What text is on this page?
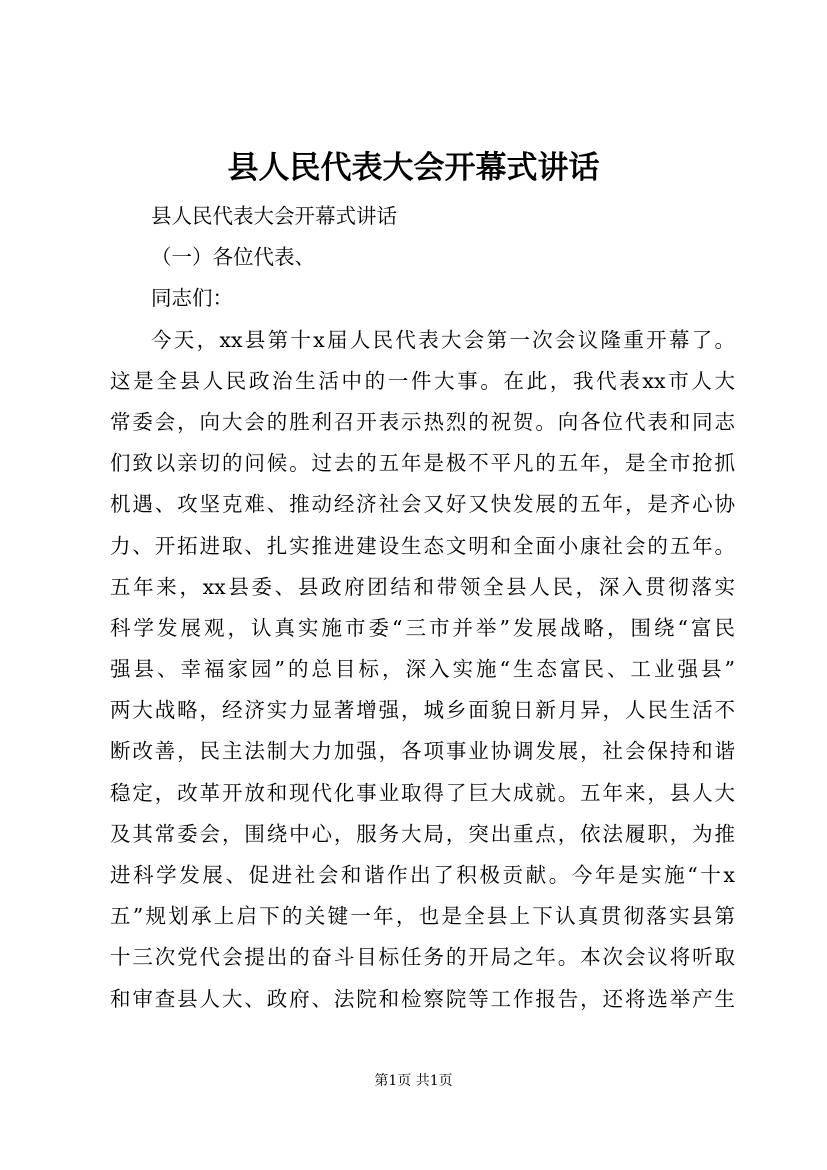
县人民代表大会开幕式讲话

县人民代表大会开幕式讲话

（一）各位代表、

同志们：

今天，xx县第十x届人民代表大会第一次会议隆重开幕了。

这是全县人民政治生活中的一件大事。在此，我代表xx市人大

常委会，向大会的胜利召开表示热烈的祝贺。向各位代表和同志

们致以亲切的问候。过去的五年是极不平凡的五年，是全市抢抓

机遇、攻坚克难、推动经济社会又好又快发展的五年，是齐心协

力、开拓进取、扎实推进建设生态文明和全面小康社会的五年。

五年来，xx县委、县政府团结和带领全县人民，深入贯彻落实

科学发展观，认真实施市委“三市并举”发展战略，围绕“富民

强县、幸福家园”的总目标，深入实施“生态富民、工业强县”

两大战略，经济实力显著增强，城乡面貌日新月异，人民生活不

断改善，民主法制大力加强，各项事业协调发展，社会保持和谐

稳定，改革开放和现代化事业取得了巨大成就。五年来，县人大

及其常委会，围绕中心，服务大局，突出重点，依法履职，为推

进科学发展、促进社会和谐作出了积极贡献。今年是实施“十x

五”规划承上启下的关键一年，也是全县上下认真贯彻落实县第

十三次党代会提出的奋斗目标任务的开局之年。本次会议将听取

和审查县人大、政府、法院和检察院等工作报告，还将选举产生

第1页 共1页
